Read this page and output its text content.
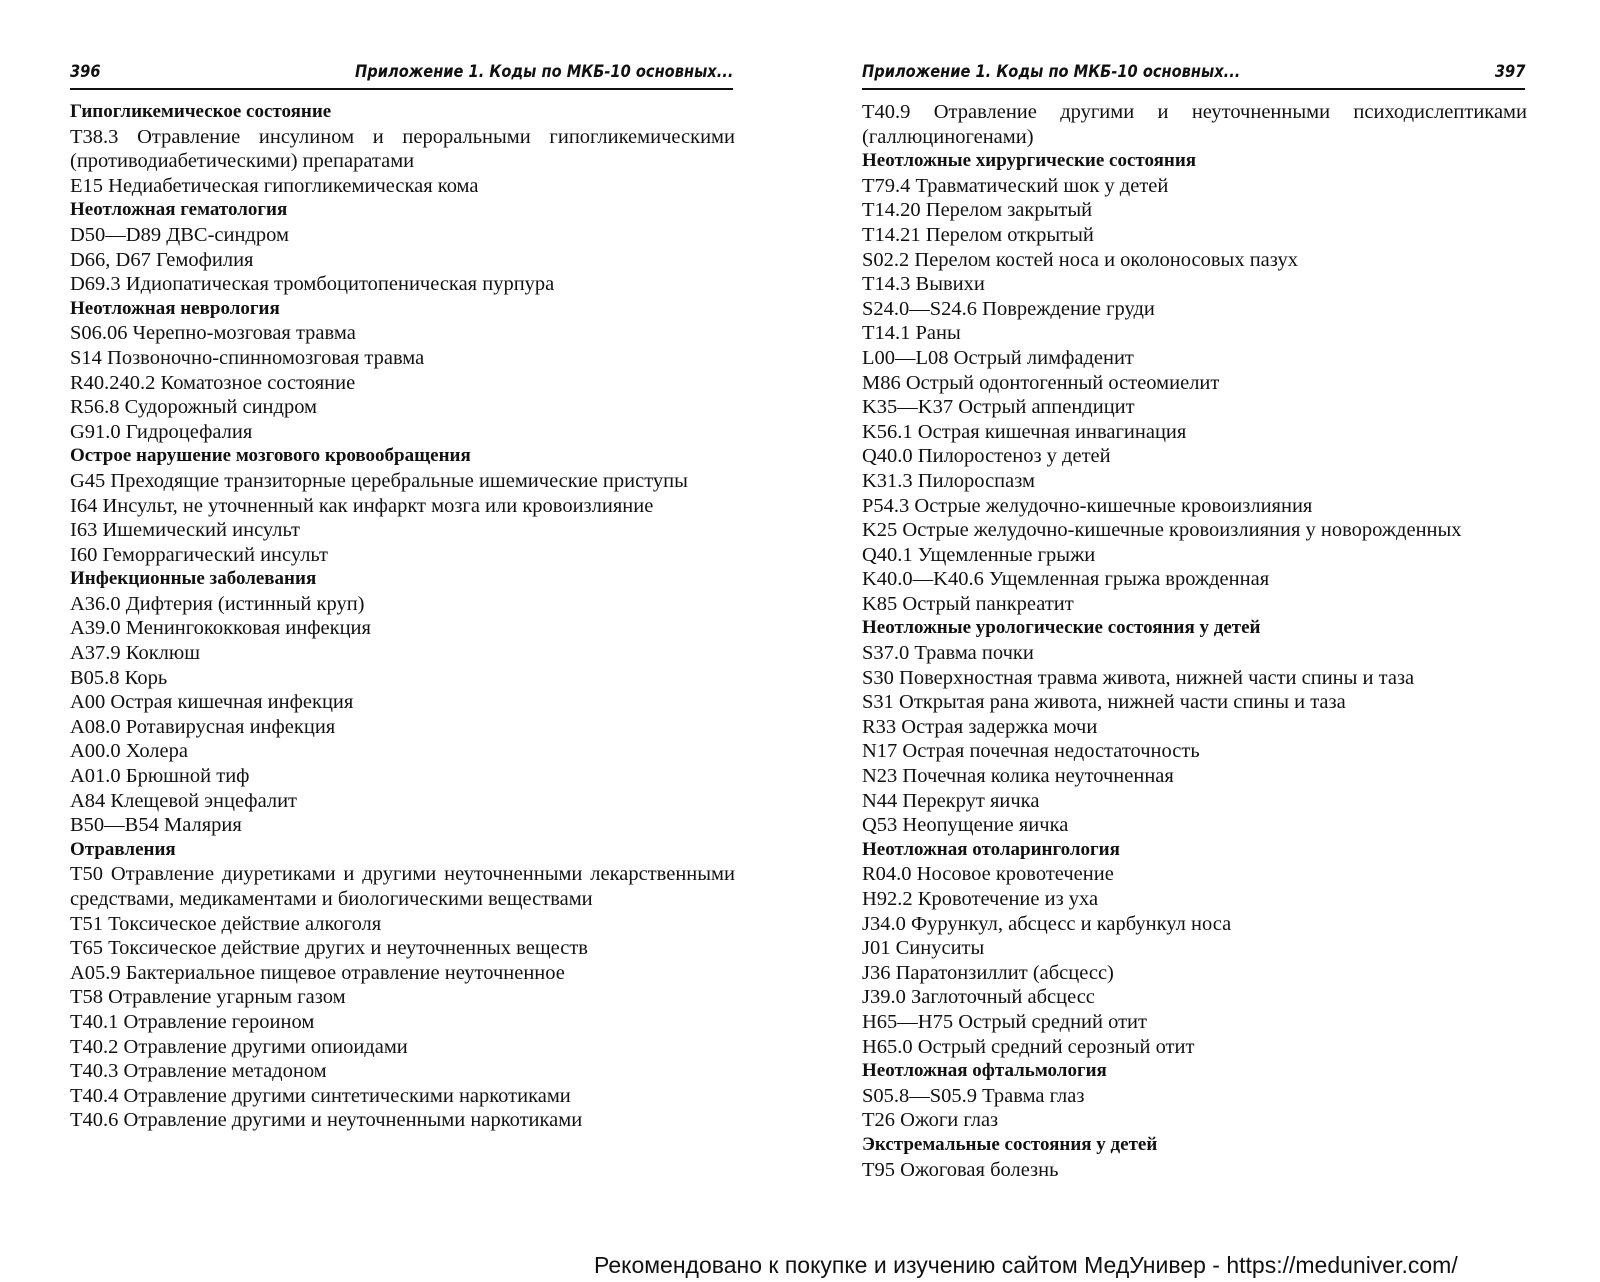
396	Приложение 1. Коды по МКБ-10 основных...
Гипогликемическое состояние
T38.3 Отравление инсулином и пероральными гипогликемическими (противодиабетическими) препаратами
E15 Недиабетическая гипогликемическая кома
Неотложная гематология
D50—D89 ДВС-синдром
D66, D67 Гемофилия
D69.3 Идиопатическая тромбоцитопеническая пурпура
Неотложная неврология
S06.06 Черепно-мозговая травма
S14 Позвоночно-спинномозговая травма
R40.240.2 Коматозное состояние
R56.8 Судорожный синдром
G91.0 Гидроцефалия
Острое нарушение мозгового кровообращения
G45 Преходящие транзиторные церебральные ишемические приступы
I64 Инсульт, не уточненный как инфаркт мозга или кровоизлияние
I63 Ишемический инсульт
I60 Геморрагический инсульт
Инфекционные заболевания
A36.0 Дифтерия (истинный круп)
A39.0 Менингококковая инфекция
A37.9 Коклюш
B05.8 Корь
A00 Острая кишечная инфекция
A08.0 Ротавирусная инфекция
A00.0 Холера
A01.0 Брюшной тиф
A84 Клещевой энцефалит
B50—B54 Малярия
Отравления
T50 Отравление диуретиками и другими неуточненными лекарственными средствами, медикаментами и биологическими веществами
T51 Токсическое действие алкоголя
T65 Токсическое действие других и неуточненных веществ
A05.9 Бактериальное пищевое отравление неуточненное
T58 Отравление угарным газом
T40.1 Отравление героином
T40.2 Отравление другими опиоидами
T40.3 Отравление метадоном
T40.4 Отравление другими синтетическими наркотиками
T40.6 Отравление другими и неуточненными наркотиками
Приложение 1. Коды по МКБ-10 основных...	397
T40.9 Отравление другими и неуточненными психодислептиками (галлюциногенами)
Неотложные хирургические состояния
T79.4 Травматический шок у детей
T14.20 Перелом закрытый
T14.21 Перелом открытый
S02.2 Перелом костей носа и околоносовых пазух
T14.3 Вывихи
S24.0—S24.6 Повреждение груди
T14.1 Раны
L00—L08 Острый лимфаденит
M86 Острый одонтогенный остеомиелит
K35—K37 Острый аппендицит
K56.1 Острая кишечная инвагинация
Q40.0 Пилоростеноз у детей
K31.3 Пилороспазм
P54.3 Острые желудочно-кишечные кровоизлияния
K25 Острые желудочно-кишечные кровоизлияния у новорожденных
Q40.1 Ущемленные грыжи
K40.0—K40.6 Ущемленная грыжа врожденная
K85 Острый панкреатит
Неотложные урологические состояния у детей
S37.0 Травма почки
S30 Поверхностная травма живота, нижней части спины и таза
S31 Открытая рана живота, нижней части спины и таза
R33 Острая задержка мочи
N17 Острая почечная недостаточность
N23 Почечная колика неуточненная
N44 Перекрут яичка
Q53 Неопущение яичка
Неотложная отоларингология
R04.0 Носовое кровотечение
H92.2 Кровотечение из уха
J34.0 Фурункул, абсцесс и карбункул носа
J01 Синуситы
J36 Паратонзиллит (абсцесс)
J39.0 Заглоточный абсцесс
H65—H75 Острый средний отит
H65.0 Острый средний серозный отит
Неотложная офтальмология
S05.8—S05.9 Травма глаз
T26 Ожоги глаз
Экстремальные состояния у детей
T95 Ожоговая болезнь
Рекомендовано к покупке и изучению сайтом МедУнивер - https://meduniver.com/
